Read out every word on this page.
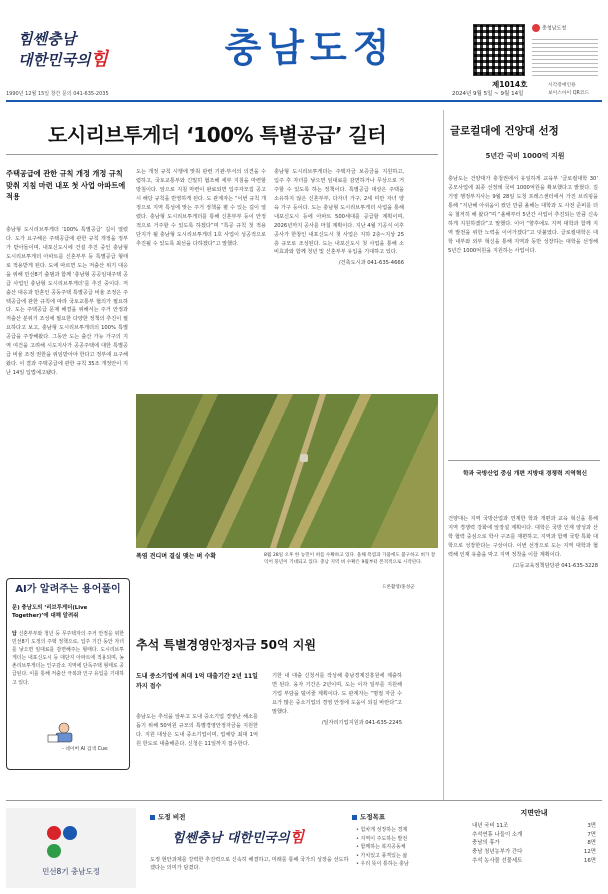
힘쎈충남
대한민국의힘	충남도정	충청남도청
1990년 12월 15일 창간 문의 041-635-2035
제1014호
2024년 9월 5일 ~ 9월 14일
시각장애인용
보이스아이 QR코드
도시리브투게더 ‘100% 특별공급’ 길터
주택공급에 관한 규칙 개정 개정 규칙 맞춰 지침 마련 내포 첫 사업 아파트에 적용
충남형 도시리브투게더 ‘100% 특별공급’ 길이 열렸다. 도가 요구해온 주택공급에 관한 규칙 개정을 정부가 받아들이며, 내포신도시에 건설 추진 중인 충남형 도시리브투게더 아파트를 신혼부부 등 특별공급 형태로 적용받게 된다. 도에 따르면 도는 저출산 위기 대응을 위해 민선8기 출범과 함께 ‘충남형 공공임대주택 공급 사업인 충남형 도시리브투게더’를 추진 중이다. 저출산 대응과 만혼인 공동주택 특별공급 비율 조정은 주택공급에 관한 규칙에 따라 국토교통부 협의가 필요하다. 도는 주택공급 문제 해결을 위해서는 주거 안정과 저출산 분위기 조성에 필요한 다양한 정책의 추진이 필요하다고 보고, 충남형 도시리브투게더의 100% 특별공급을 주장해왔다. 그동안 도는 출산 가능 가구의 지역 여건을 고려해 시도지사가 공공주택에 대한 특별공급 비율 조정 권한을 위임받아야 한다고 정부에 요구해왔다. 이 결과 주택공급에 관한 규칙 35조 개정안이 지난 14일 입법예고됐다.
도는 개정 규칙 시행에 맞춰 관련 기관·부서의 의견을 수렴하고, 국토교통부와 긴밀히 협조해 세부 지침을 마련할 방침이다. 앞으로 지침 마련이 완료되면 입주자모집 공고 시 해당 규칙을 반영하게 된다. 도 관계자는 “이번 규칙 개정으로 지역 특성에 맞는 주거 정책을 펼 수 있는 길이 열렸다. 충남형 도시리브투게더를 통해 신혼부부 등이 안정적으로 거주할 수 있도록 하겠다”며 “특공 규칙 첫 적용 단지가 될 충남형 도시리브투게더 1호 사업이 성공적으로 추진될 수 있도록 최선을 다하겠다”고 말했다.
충남형 도시리브투게더는 주택자금 보증금을 지원하고, 입주 후 자녀를 낳으면 임대료를 감면하거나 무상으로 거주할 수 있도록 하는 정책이다. 특별공급 대상은 주택을 소유하지 않은 신혼부부, 다자녀 가구, 2세 미만 자녀 양육 가구 등이다. 도는 충남형 도시리브투게더 사업을 통해 내포신도시 등에 아파트 500세대를 공급할 계획이며, 2026년까지 공사를 마칠 계획이다. 지난 4월 기공식 이후 공사가 한창인 내포신도시 첫 사업은 지하 2층~지상 25층 규모로 조성된다. 도는 내포신도시 첫 사업을 통해 소비효과와 함께 청년 및 신혼부부 유입을 기대하고 있다.
/건축도시과 041-635-4666
폭염 견디며 결실 맺는 벼 수확	8월 28일 오후 한 농민이 벼를 수확하고 있다. 올해 폭염과 가뭄에도 불구하고 벼가 잘 익어 풍년이 기대되고 있다. 충남 지역 벼 수확은 9월부터 본격적으로 시작된다.
드론촬영/홍성군
AI가 알려주는 용어풀이
문) 충남도의 ‘리브투게더(Live Together)’에 대해 알려줘
답 신혼부부와 청년 등 무주택자의 주거 안정을 위한 민선8기 도정의 주택 정책으로, 입주 기간 동안 자녀를 낳으면 임대료를 감면해주는 형태다. 도시리브투게더는 내포신도시 등 대단지 아파트에 적용되며, 농촌리브투게더는 인구감소 지역에 단독주택 형태로 공급된다. 이를 통해 저출산 극복과 인구 유입을 기대하고 있다.
- 네이버 AI 검색 Cue:
글로컬대에 건양대 선정
5년간 국비 1000억 지원
충남도는 건양대가 충청권에서 유일하게 교육부 ‘글로컬대학 30’ 공모사업에 최종 선정돼 국비 1000억원을 확보했다고 밝혔다. 김기영 행정부지사는 9월 28일 도청 프레스센터에서 가진 브리핑을 통해 “지난해 아쉬움이 컸던 만큼 올해는 대학과 도 사전 준비를 더욱 철저히 해 왔다”며 “올해부터 5년간 사업이 추진되는 만큼 신속하게 지원하겠다”고 말했다. 이어 “향후에도 지역 대학과 함께 지역 발전을 위한 노력을 이어가겠다”고 덧붙였다. 글로컬대학은 대학 내부와 외부 혁신을 통해 지역과 동반 성장하는 대학을 선정해 5년간 1000억원을 지원하는 사업이다.
학과 국방산업 중심 개편 지방대 경쟁력 지역혁신
건양대는 지역 국방산업과 연계한 학과 개편과 교육 혁신을 통해 지역 경쟁력 강화에 앞장설 계획이다. 대학은 국방 인재 양성과 산학 협력 중심으로 학사 구조를 재편하고, 지역과 함께 국방 특화 대학으로 성장한다는 구상이다. 이번 선정으로 도는 지역 대학과 협력해 인재 유출을 막고 지역 정착을 이끌 계획이다.
/고등교육정책담당관 041-635-3228
추석 특별경영안정자금 50억 지원
도내 중소기업에 최대 1억 대출기간 2년 11일까지 접수
충남도는 추석을 앞두고 도내 중소기업 경영난 해소를 돕기 위해 50억원 규모의 특별경영안정자금을 지원한다. 지원 대상은 도내 중소기업이며, 업체당 최대 1억원 한도로 대출해준다. 신청은 11일까지 접수한다.
기한 내 대출 신청서를 작성해 충남경제진흥원에 제출하면 된다. 융자 기간은 2년이며, 도는 이자 일부를 지원해 기업 부담을 덜어줄 계획이다. 도 관계자는 “명절 자금 수요가 많은 중소기업의 경영 안정에 도움이 되길 바란다”고 말했다.
/일자리기업지원과 041-635-2245
민선8기 충남도정
도정 비전
힘쎈충남 대한민국의힘
도정 현안과제를 강력한 추진력으로 신속히 해결하고, 미래를 통해 국가의 성장을 선도하겠다는 의미가 담겼다.
도정목표
• 힘차게 성장하는 경제
• 지역이 주도하는 발전
• 함께하는 복지공동체
• 가치있고 풍격있는 삶
• 우리 뜻이 통하는 충남
지면안내
내년 국비 11조	3면
추석연휴 나들이 소개	7면
충남의 휴가	8면
충남 청년농부가 간다	12면
추석 농사물 선물세트	16면
